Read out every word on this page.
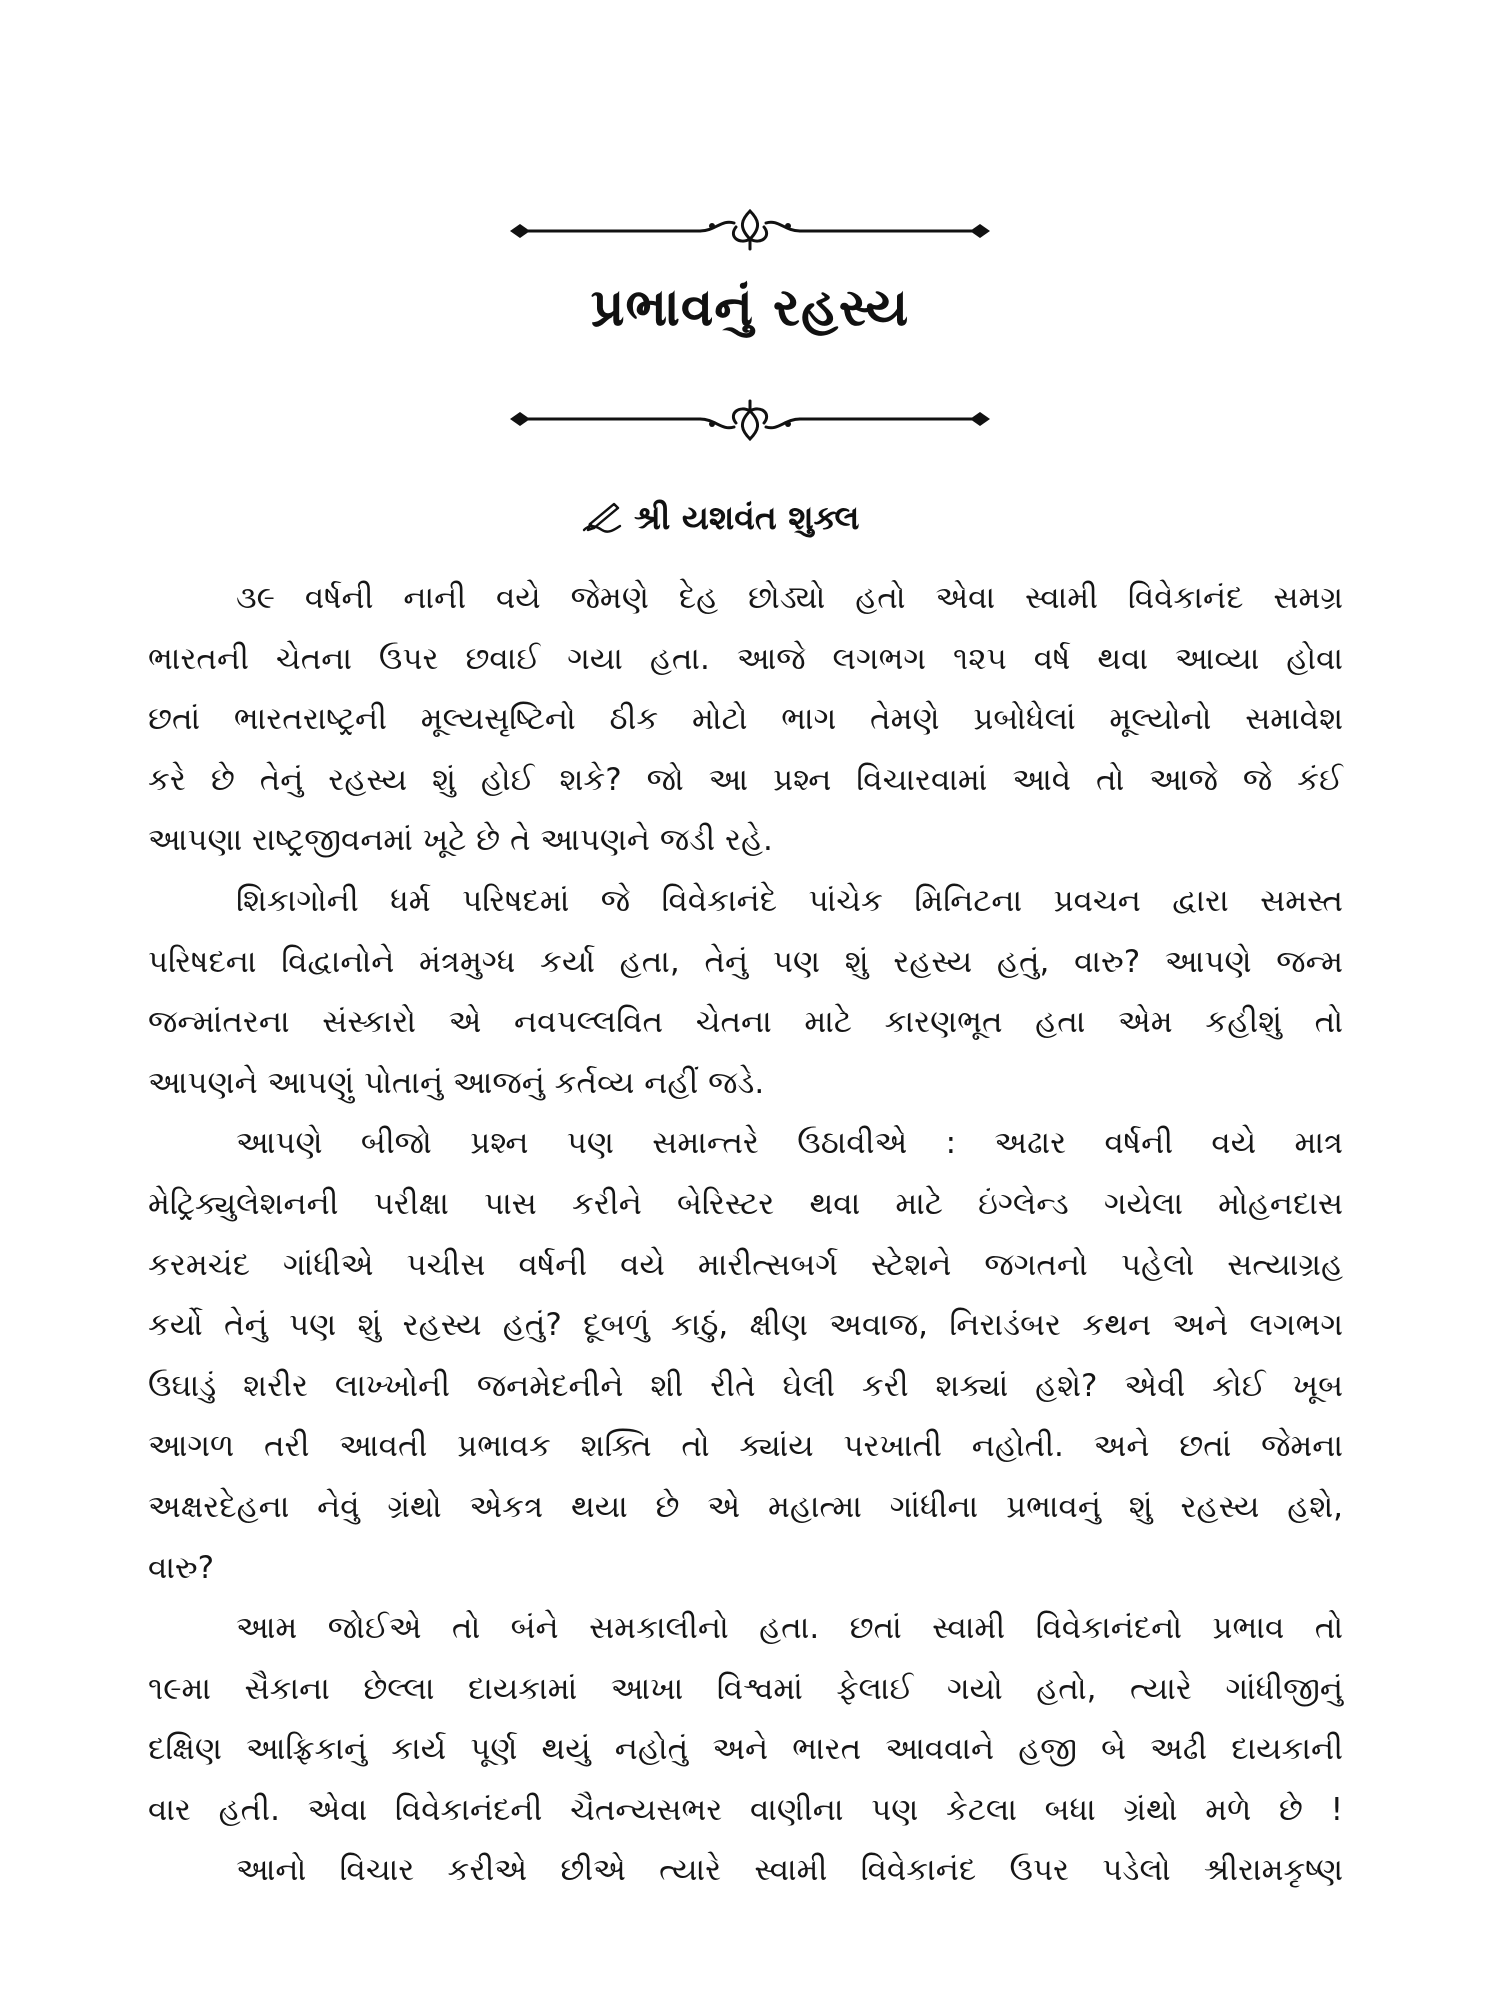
પ્રભાવનું રહસ્ય
શ્રી યશવંત શુક્લ
૩૯ વર્ષની નાની વયે જેમણે દેહ છોડ્યો હતો એવા સ્વામી વિવેકાનંદ સમગ્ર
ભારતની ચેતના ઉપર છવાઈ ગયા હતા. આજે લગભગ ૧૨૫ વર્ષ થવા આવ્યા હોવા
છતાં ભારતરાષ્ટ્રની મૂલ્યસૃષ્ટિનો ઠીક મોટો ભાગ તેમણે પ્રબોધેલાં મૂલ્યોનો સમાવેશ
કરે છે તેનું રહસ્ય શું હોઈ શકે? જો આ પ્રશ્ન વિચારવામાં આવે તો આજે જે કંઈ
આપણા રાષ્ટ્રજીવનમાં ખૂટે છે તે આપણને જડી રહે.
શિકાગોની ધર્મ પરિષદમાં જે વિવેકાનંદે પાંચેક મિનિટના પ્રવચન દ્વારા સમસ્ત
પરિષદના વિદ્વાનોને મંત્રમુગ્ધ કર્યા હતા, તેનું પણ શું રહસ્ય હતું, વારુ? આપણે જન્મ
જન્માંતરના સંસ્કારો એ નવપલ્લવિત ચેતના માટે કારણભૂત હતા એમ કહીશું તો
આપણને આપણું પોતાનું આજનું કર્તવ્ય નહીં જડે.
આપણે બીજો પ્રશ્ન પણ સમાન્તરે ઉઠાવીએ : અઢાર વર્ષની વયે માત્ર
મેટ્રિક્યુલેશનની પરીક્ષા પાસ કરીને બેરિસ્ટર થવા માટે ઇંગ્લેન્ડ ગયેલા મોહનદાસ
કરમચંદ ગાંધીએ પચીસ વર્ષની વયે મારીત્સબર્ગ સ્ટેશને જગતનો પહેલો સત્યાગ્રહ
કર્યો તેનું પણ શું રહસ્ય હતું? દૂબળું કાઠું, ક્ષીણ અવાજ, નિરાડંબર કથન અને લગભગ
ઉઘાડું શરીર લાખ્ખોની જનમેદનીને શી રીતે ઘેલી કરી શક્યાં હશે? એવી કોઈ ખૂબ
આગળ તરી આવતી પ્રભાવક શક્તિ તો ક્યાંય પરખાતી નહોતી. અને છતાં જેમના
અક્ષરદેહના નેવું ગ્રંથો એકત્ર થયા છે એ મહાત્મા ગાંધીના પ્રભાવનું શું રહસ્ય હશે,
વારુ?
આમ જોઈએ તો બંને સમકાલીનો હતા. છતાં સ્વામી વિવેકાનંદનો પ્રભાવ તો
૧૯મા સૈકાના છેલ્લા દાયકામાં આખા વિશ્વમાં ફેલાઈ ગયો હતો, ત્યારે ગાંધીજીનું
દક્ષિણ આફ્રિકાનું કાર્ય પૂર્ણ થયું નહોતું અને ભારત આવવાને હજી બે અઢી દાયકાની
વાર હતી. એવા વિવેકાનંદની ચૈતન્યસભર વાણીના પણ કેટલા બધા ગ્રંથો મળે છે !
આનો વિચાર કરીએ છીએ ત્યારે સ્વામી વિવેકાનંદ ઉપર પડેલો શ્રીરામકૃષ્ણ
